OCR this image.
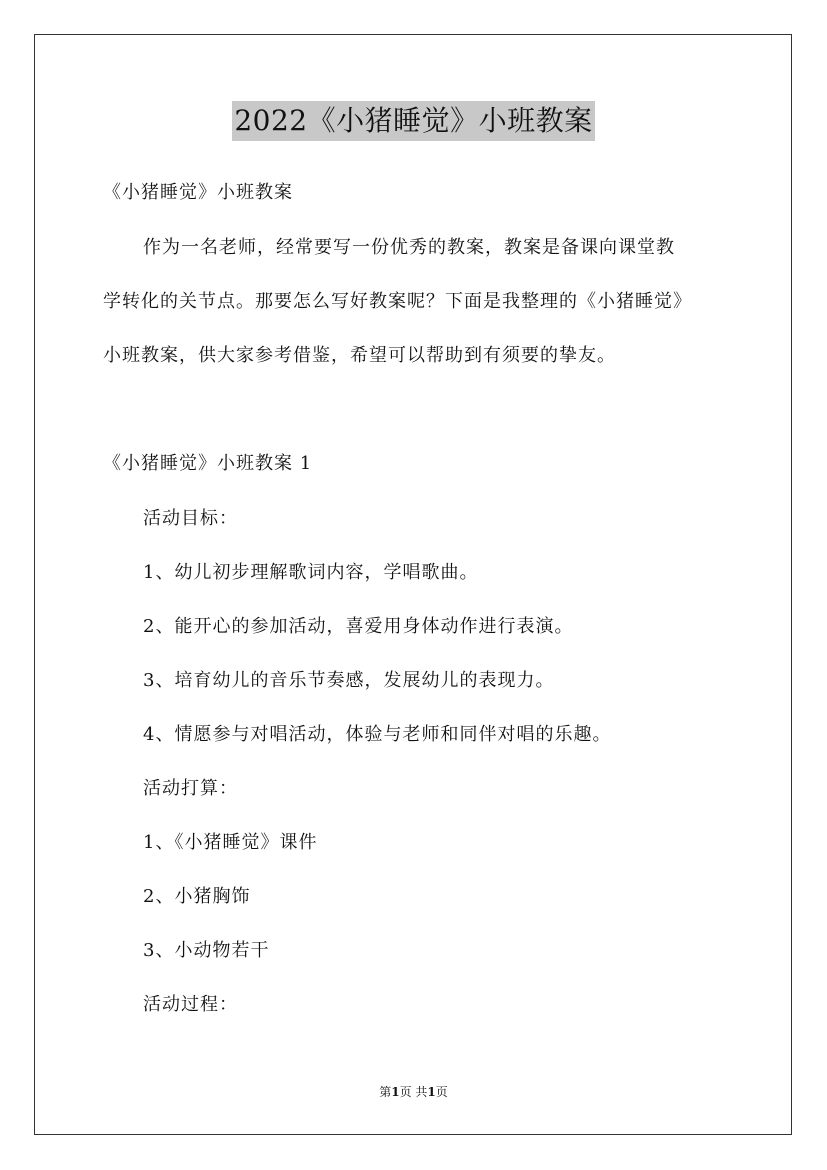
2022《小猪睡觉》小班教案
《小猪睡觉》小班教案
作为一名老师，经常要写一份优秀的教案，教案是备课向课堂教
学转化的关节点。那要怎么写好教案呢？下面是我整理的《小猪睡觉》
小班教案，供大家参考借鉴，希望可以帮助到有须要的挚友。
《小猪睡觉》小班教案 1
活动目标：
1、幼儿初步理解歌词内容，学唱歌曲。
2、能开心的参加活动，喜爱用身体动作进行表演。
3、培育幼儿的音乐节奏感，发展幼儿的表现力。
4、情愿参与对唱活动，体验与老师和同伴对唱的乐趣。
活动打算：
1、《小猪睡觉》课件
2、小猪胸饰
3、小动物若干
活动过程：
第1页 共1页
